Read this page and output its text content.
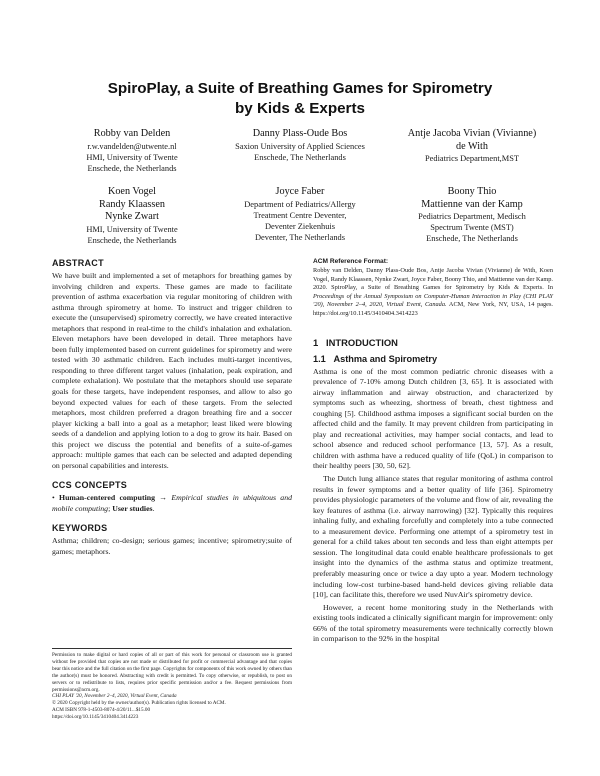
SpiroPlay, a Suite of Breathing Games for Spirometry
by Kids & Experts
Robby van Delden
r.w.vandelden@utwente.nl
HMI, University of Twente
Enschede, the Netherlands
Danny Plass-Oude Bos
Saxion University of Applied Sciences
Enschede, The Netherlands
Antje Jacoba Vivian (Vivianne)
de With
Pediatrics Department,MST
Koen Vogel
Randy Klaassen
Nynke Zwart
HMI, University of Twente
Enschede, the Netherlands
Joyce Faber
Department of Pediatrics/Allergy
Treatment Centre Deventer,
Deventer Ziekenhuis
Deventer, The Netherlands
Boony Thio
Mattienne van der Kamp
Pediatrics Department, Medisch
Spectrum Twente (MST)
Enschede, The Netherlands
ABSTRACT

We have built and implemented a set of metaphors for breathing games by involving children and experts. These games are made to facilitate prevention of asthma exacerbation via regular monitoring of children with asthma through spirometry at home. To instruct and trigger children to execute the (unsupervised) spirometry correctly, we have created interactive metaphors that respond in real-time to the child's inhalation and exhalation. Eleven metaphors have been developed in detail. Three metaphors have been fully implemented based on current guidelines for spirometry and were tested with 30 asthmatic children. Each includes multi-target incentives, responding to three different target values (inhalation, peak expiration, and complete exhalation). We postulate that the metaphors should use separate goals for these targets, have independent responses, and allow to also go beyond expected values for each of these targets. From the selected metaphors, most children preferred a dragon breathing fire and a soccer player kicking a ball into a goal as a metaphor; least liked were blowing seeds of a dandelion and applying lotion to a dog to grow its hair. Based on this project we discuss the potential and benefits of a suite-of-games approach: multiple games that each can be selected and adapted depending on personal capabilities and interests.

CCS CONCEPTS

• Human-centered computing → Empirical studies in ubiquitous and mobile computing; User studies.

KEYWORDS

Asthma; children; co-design; serious games; incentive; spirometry;suite of games; metaphors.

Permission to make digital or hard copies of all or part of this work for personal or classroom use is granted without fee provided that copies are not made or distributed for profit or commercial advantage and that copies bear this notice and the full citation on the first page. Copyrights for components of this work owned by others than the author(s) must be honored. Abstracting with credit is permitted. To copy otherwise, or republish, to post on servers or to redistribute to lists, requires prior specific permission and/or a fee. Request permissions from permissions@acm.org.

CHI PLAY '20, November 2–4, 2020, Virtual Event, Canada

© 2020 Copyright held by the owner/author(s). Publication rights licensed to ACM.

ACM ISBN 978-1-4503-8074-4/20/11...$15.00

https://doi.org/10.1145/3410404.3414223

ACM Reference Format:

Robby van Delden, Danny Plass-Oude Bos, Antje Jacoba Vivian (Vivianne) de With, Koen Vogel, Randy Klaassen, Nynke Zwart, Joyce Faber, Boony Thio, and Mattienne van der Kamp. 2020. SpiroPlay, a Suite of Breathing Games for Spirometry by Kids & Experts. In Proceedings of the Annual Symposium on Computer-Human Interaction in Play (CHI PLAY '20), November 2–4, 2020, Virtual Event, Canada. ACM, New York, NY, USA, 14 pages. https://doi.org/10.1145/3410404.3414223

1 INTRODUCTION
1.1 Asthma and Spirometry

Asthma is one of the most common pediatric chronic diseases with a prevalence of 7-10% among Dutch children [3, 65]. It is associated with airway inflammation and airway obstruction, and characterized by symptoms such as wheezing, shortness of breath, chest tightness and coughing [5]. Childhood asthma imposes a significant social burden on the affected child and the family. It may prevent children from participating in play and recreational activities, may hamper social contacts, and lead to school absence and reduced school performance [13, 57]. As a result, children with asthma have a reduced quality of life (QoL) in comparison to their healthy peers [30, 50, 62].

The Dutch lung alliance states that regular monitoring of asthma control results in fewer symptoms and a better quality of life [36]. Spirometry provides physiologic parameters of the volume and flow of air, revealing the key features of asthma (i.e. airway narrowing) [32]. Typically this requires inhaling fully, and exhaling forcefully and completely into a tube connected to a measurement device. Performing one attempt of a spirometry test in general for a child takes about ten seconds and less than eight attempts per session. The longitudinal data could enable healthcare professionals to get insight into the dynamics of the asthma status and optimize treatment, preferably measuring once or twice a day upto a year. Modern technology including low-cost turbine-based hand-held devices giving reliable data [10], can facilitate this, therefore we used NuvAir's spirometry device.

However, a recent home monitoring study in the Netherlands with existing tools indicated a clinically significant margin for improvement: only 66% of the total spirometry measurements were technically correctly blown in comparison to the 92% in the hospital
